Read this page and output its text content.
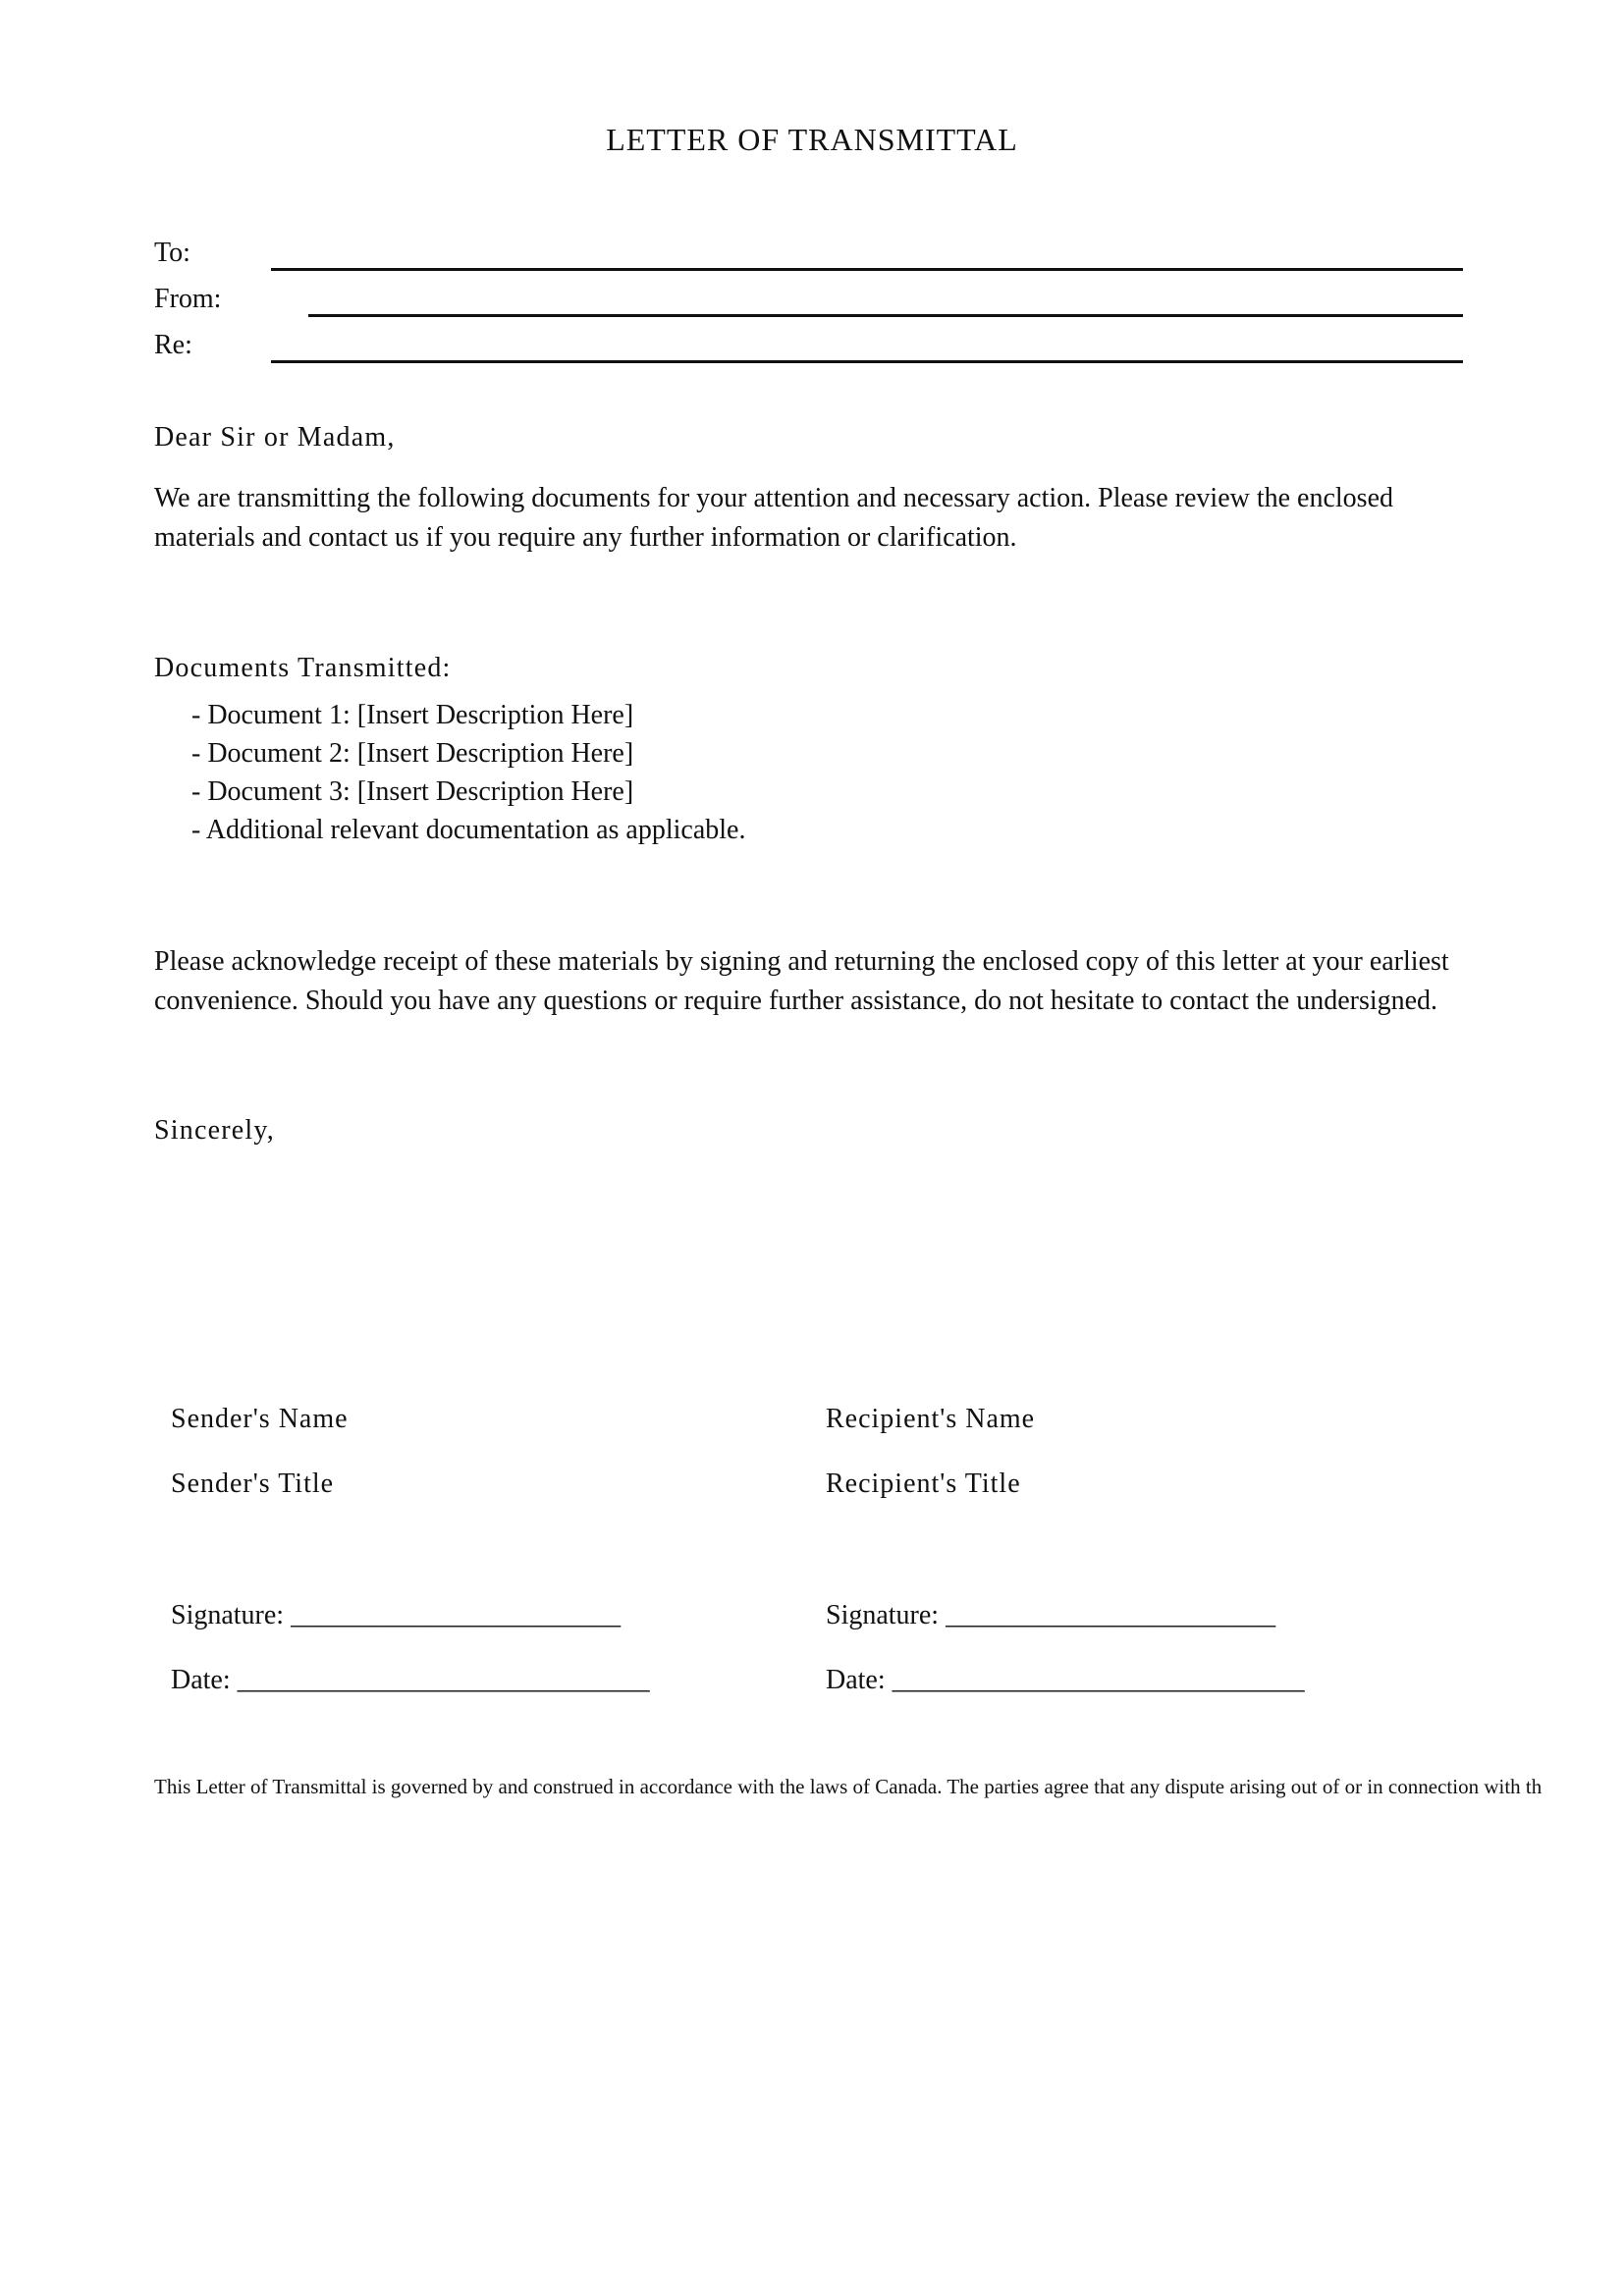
LETTER OF TRANSMITTAL
To:
From:
Re:
Dear Sir or Madam,
We are transmitting the following documents for your attention and necessary action. Please review the enclosed materials and contact us if you require any further information or clarification.
Documents Transmitted:
- Document 1: [Insert Description Here]
- Document 2: [Insert Description Here]
- Document 3: [Insert Description Here]
- Additional relevant documentation as applicable.
Please acknowledge receipt of these materials by signing and returning the enclosed copy of this letter at your earliest convenience. Should you have any questions or require further assistance, do not hesitate to contact the undersigned.
Sincerely,
Sender's Name
Sender's Title
Signature: ________________________
Date: ______________________________
Recipient's Name
Recipient's Title
Signature: ________________________
Date: ______________________________
This Letter of Transmittal is governed by and construed in accordance with the laws of Canada. The parties agree that any dispute arising out of or in connection with th
